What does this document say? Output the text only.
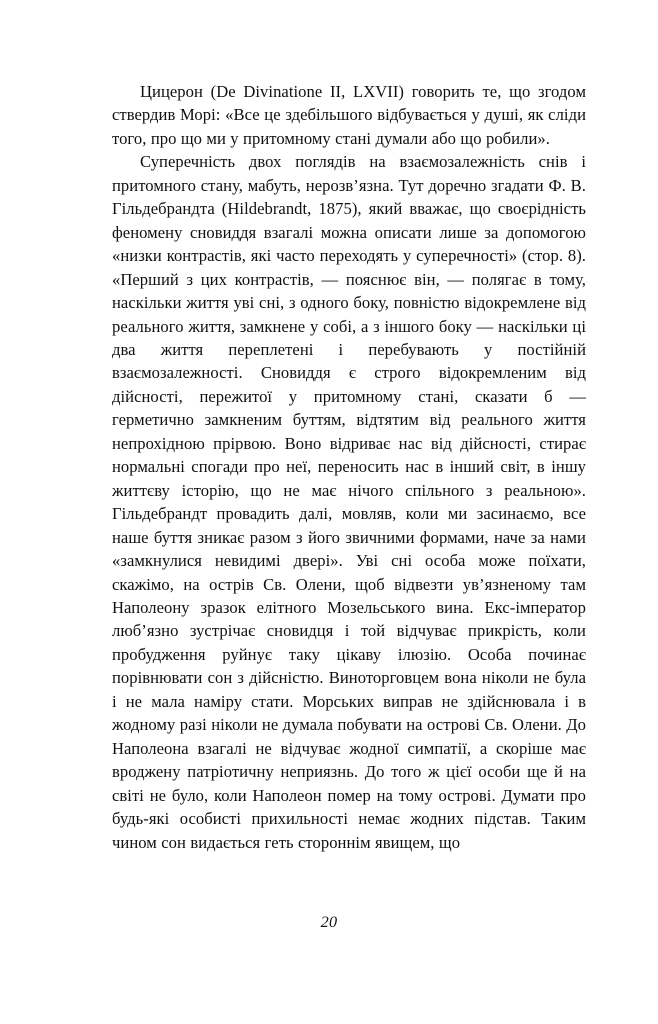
Цицерон (De Divinatione II, LXVII) говорить те, що згодом ствердив Морі: «Все це здебільшого відбувається у душі, як сліди того, про що ми у притомному стані думали або що робили».

Суперечність двох поглядів на взаємозалежність снів і притомного стану, мабуть, нерозв’язна. Тут доречно згадати Ф. В. Гільдебрандта (Hildebrandt, 1875), який вважає, що своєрідність феномену сновиддя взагалі можна описати лише за допомогою «низки контрастів, які часто переходять у суперечності» (стор. 8). «Перший з цих контрастів, — пояснює він, — полягає в тому, наскільки життя уві сні, з одного боку, повністю відокремлене від реального життя, замкнене у собі, а з іншого боку — наскільки ці два життя переплетені і перебувають у постійній взаємозалежності. Сновиддя є строго відокремленим від дійсності, пережитої у притомному стані, сказати б — герметично замкненим буттям, відтятим від реального життя непрохідною прірвою. Воно відриває нас від дійсності, стирає нормальні спогади про неї, переносить нас в інший світ, в іншу життєву історію, що не має нічого спільного з реальною». Гільдебрандт провадить далі, мовляв, коли ми засинаємо, все наше буття зникає разом з його звичними формами, наче за нами «замкнулися невидимі двері». Уві сні особа може поїхати, скажімо, на острів Св. Олени, щоб відвезти ув’язненому там Наполеону зразок елітного Мозельського вина. Екс-імператор люб’язно зустрічає сновидця і той відчуває прикрість, коли пробудження руйнує таку цікаву ілюзію. Особа починає порівнювати сон з дійсністю. Виноторговцем вона ніколи не була і не мала наміру стати. Морських виправ не здійснювала і в жодному разі ніколи не думала побувати на острові Св. Олени. До Наполеона взагалі не відчуває жодної симпатії, а скоріше має вроджену патріотичну неприязнь. До того ж цієї особи ще й на світі не було, коли Наполеон помер на тому острові. Думати про будь-які особисті прихильності немає жодних підстав. Таким чином сон видається геть стороннім явищем, що

20
